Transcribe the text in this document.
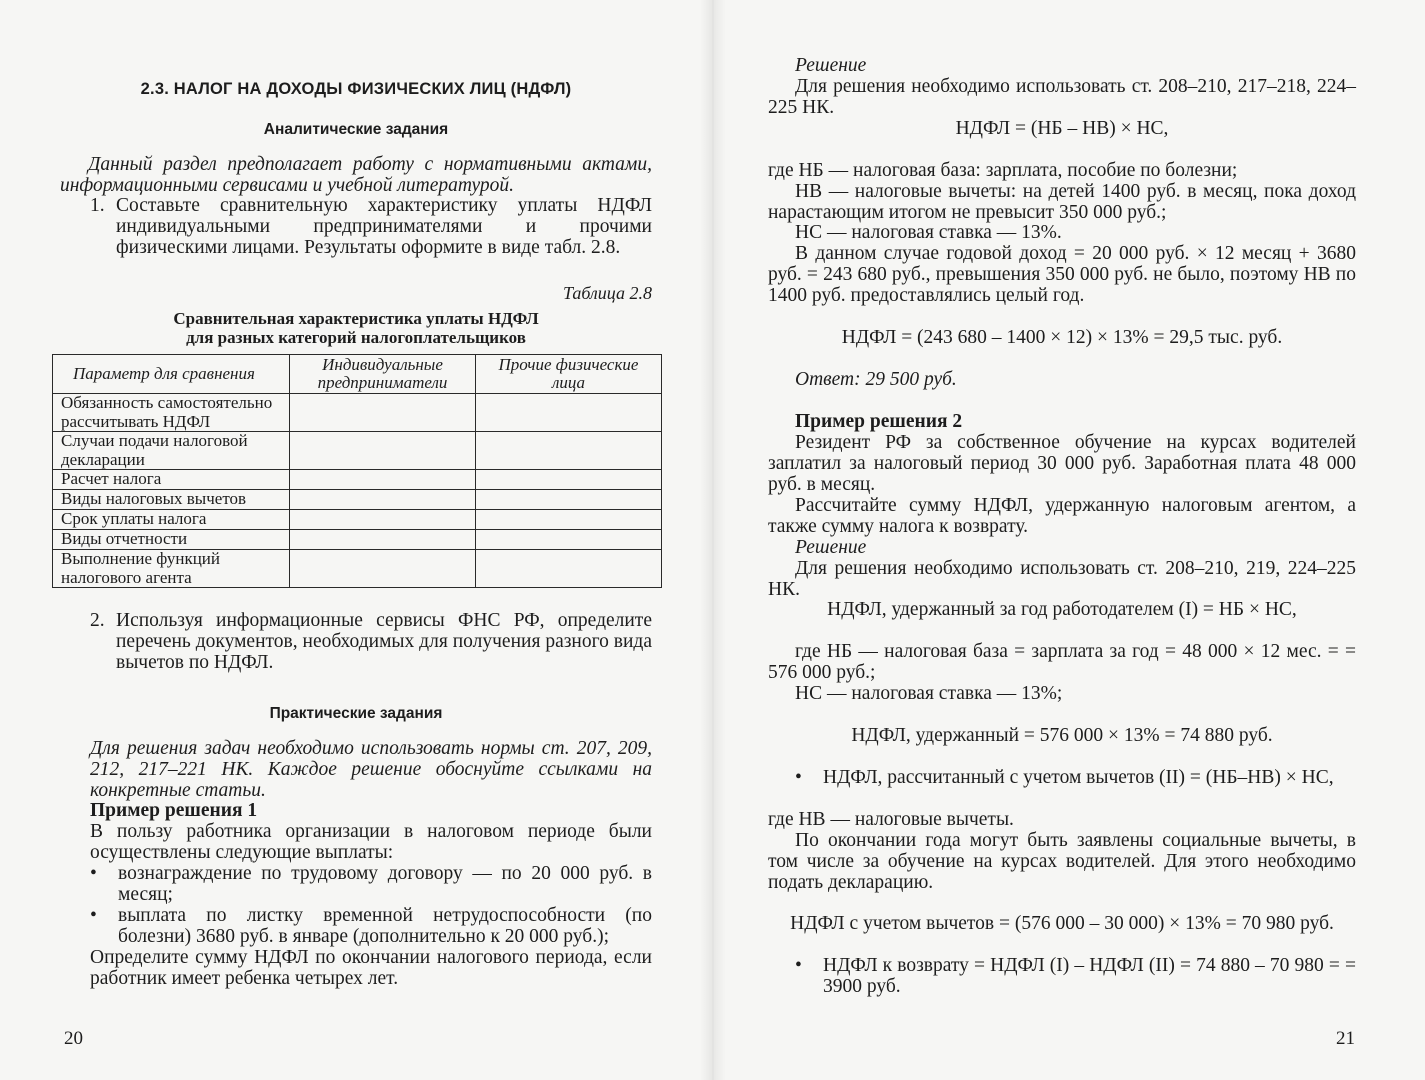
2.3. НАЛОГ НА ДОХОДЫ ФИЗИЧЕСКИХ ЛИЦ (НДФЛ)
Аналитические задания

Данный раздел предполагает работу с нормативными актами, информационными сервисами и учебной литературой.

1. Составьте сравнительную характеристику уплаты НДФЛ индивидуальными предпринимателями и прочими физическими лицами. Результаты оформите в виде табл. 2.8.
Таблица 2.8
Сравнительная характеристика уплаты НДФЛ
для разных категорий налогоплательщиков
Параметр для сравнения	Индивидуальные предприниматели	Прочие физические лица
Обязанность самостоятельно рассчитывать НДФЛ		
Случаи подачи налоговой декларации		
Расчет налога		
Виды налоговых вычетов		
Срок уплаты налога		
Виды отчетности		
Выполнение функций налогового агента		
2. Используя информационные сервисы ФНС РФ, определите перечень документов, необходимых для получения разного вида вычетов по НДФЛ.
Практические задания

Для решения задач необходимо использовать нормы ст. 207, 209, 212, 217–221 НК. Каждое решение обоснуйте ссылками на конкретные статьи.

Пример решения 1

В пользу работника организации в налоговом периоде были осуществлены следующие выплаты:

• вознаграждение по трудовому договору — по 20 000 руб. в месяц;
• выплата по листку временной нетрудоспособности (по болезни) 3680 руб. в январе (дополнительно к 20 000 руб.);

Определите сумму НДФЛ по окончании налогового периода, если работник имеет ребенка четырех лет.

20
Решение

Для решения необходимо использовать ст. 208–210, 217–218, 224–225 НК.

НДФЛ = (НБ – НВ) × НС,

где НБ — налоговая база: зарплата, пособие по болезни;

НВ — налоговые вычеты: на детей 1400 руб. в месяц, пока доход нарастающим итогом не превысит 350 000 руб.;

НС — налоговая ставка — 13%.

В данном случае годовой доход = 20 000 руб. × 12 месяц + 3680 руб. = 243 680 руб., превышения 350 000 руб. не было, поэтому НВ по 1400 руб. предоставлялись целый год.

НДФЛ = (243 680 – 1400 × 12) × 13% = 29,5 тыс. руб.
Ответ: 29 500 руб.
Пример решения 2

Резидент РФ за собственное обучение на курсах водителей заплатил за налоговый период 30 000 руб. Заработная плата 48 000 руб. в месяц.

Рассчитайте сумму НДФЛ, удержанную налоговым агентом, а также сумму налога к возврату.

Решение

Для решения необходимо использовать ст. 208–210, 219, 224–225 НК.

НДФЛ, удержанный за год работодателем (I) = НБ × НС,

где НБ — налоговая база = зарплата за год = 48 000 × 12 мес. = = 576 000 руб.;

НС — налоговая ставка — 13%;

НДФЛ, удержанный = 576 000 × 13% = 74 880 руб.
• НДФЛ, рассчитанный с учетом вычетов (II) = (НБ–НВ) × НС,

где НВ — налоговые вычеты.

По окончании года могут быть заявлены социальные вычеты, в том числе за обучение на курсах водителей. Для этого необходимо подать декларацию.

НДФЛ с учетом вычетов = (576 000 – 30 000) × 13% = 70 980 руб.
• НДФЛ к возврату = НДФЛ (I) – НДФЛ (II) = 74 880 – 70 980 = = 3900 руб.
21
